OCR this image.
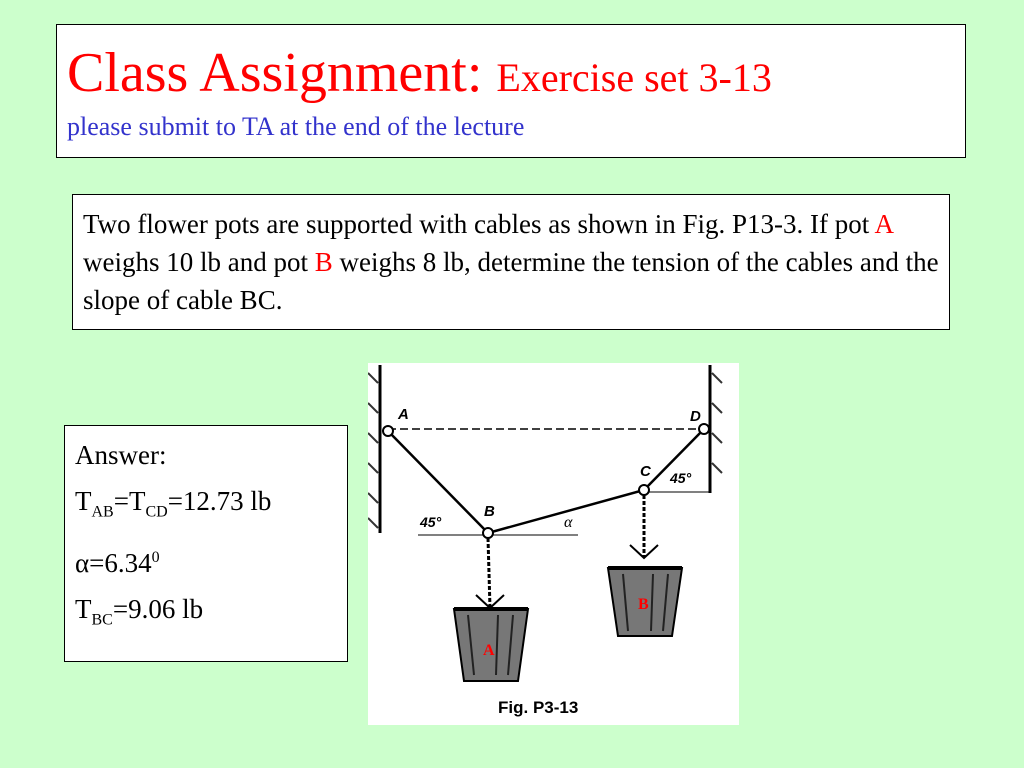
Class Assignment: Exercise set 3-13
please submit to TA at the end of the lecture
Two flower pots are supported with cables as shown in Fig. P13-3. If pot A weighs 10 lb and pot B weighs 8 lb, determine the tension of the cables and the slope of cable BC.
Answer:
$T_{AB}=T_{CD}=12.73$ lb
$\alpha=6.34^0$
$T_{BC}=9.06$ lb
A
B
C
D
45°
45°
α
A
B
Fig. P3-13
